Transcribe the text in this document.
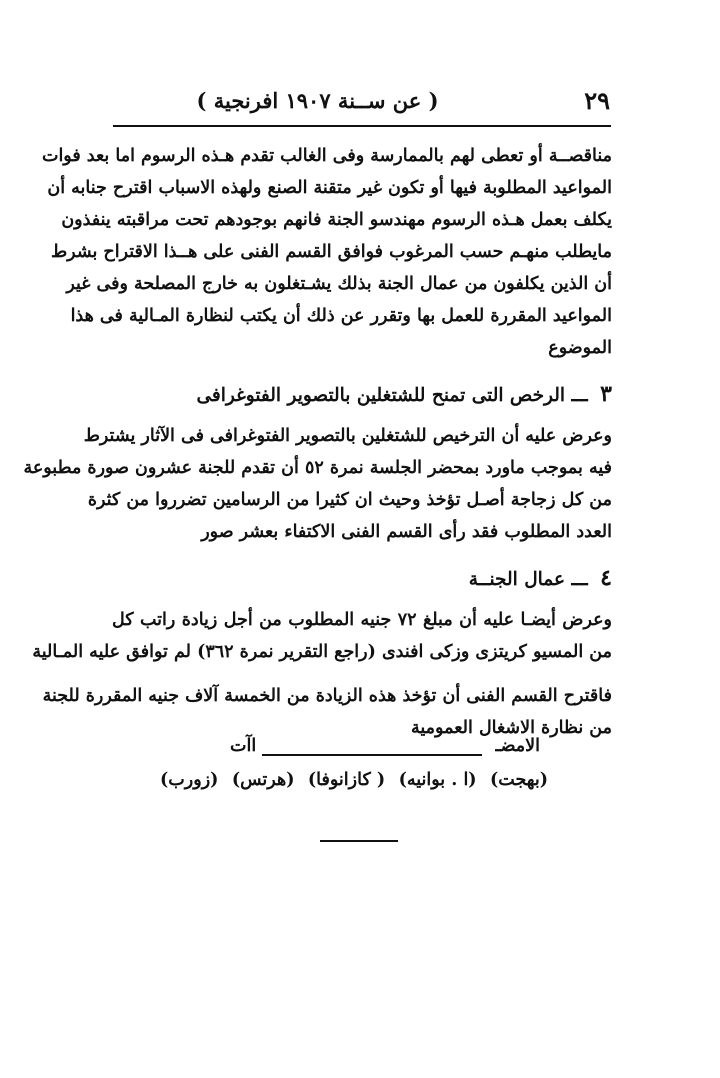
٢٩
( عن ســنة ١٩٠٧ افرنجية )
مناقصــة أو تعطى لهم بالممارسة وفى الغالب تقدم هـذه الرسوم اما بعد فوات
المواعيد المطلوبة فيها أو تكون غير متقنة الصنع ولهذه الاسباب اقترح جنابه أن
يكلف بعمل هـذه الرسوم مهندسو الجنة فانهم بوجودهم تحت مراقبته ينفذون
مايطلب منهـم حسب المرغوب فوافق القسم الفنى على هــذا الاقتراح بشرط
أن الذين يكلفون من عمال الجنة بذلك يشـتغلون به خارج المصلحة وفى غير
المواعيد المقررة للعمل بها وتقرر عن ذلك أن يكتب لنظارة المـالية فى هذا
الموضوع
٣ ـــ الرخص التى تمنح للشتغلين بالتصوير الفتوغرافى
وعرض عليه أن الترخيص للشتغلين بالتصوير الفتوغرافى فى الآثار يشترط
فيه بموجب ماورد بمحضر الجلسة نمرة ٥٢ أن تقدم للجنة عشرون صورة مطبوعة
من كل زجاجة أصـل تؤخذ وحيث ان كثيرا من الرسامين تضرروا من كثرة
العدد المطلوب فقد رأى القسم الفنى الاكتفاء بعشر صور
٤ ـــ عمال الجنــة
وعرض أيضـا عليه أن مبلغ ٧٢ جنيه المطلوب من أجل زيادة راتب كل
من المسيو كريتزى وزكى افندى (راجع التقرير نمرة ٣٦٢) لم توافق عليه المـالية
فاقترح القسم الفنى أن تؤخذ هذه الزيادة من الخمسة آلاف جنيه المقررة للجنة
من نظارة الاشغال العمومية
الامضـ
اآت
(بهجت)
(ا . بوانيه)
( كازانوفا)
(هرتس)
(زورب)
